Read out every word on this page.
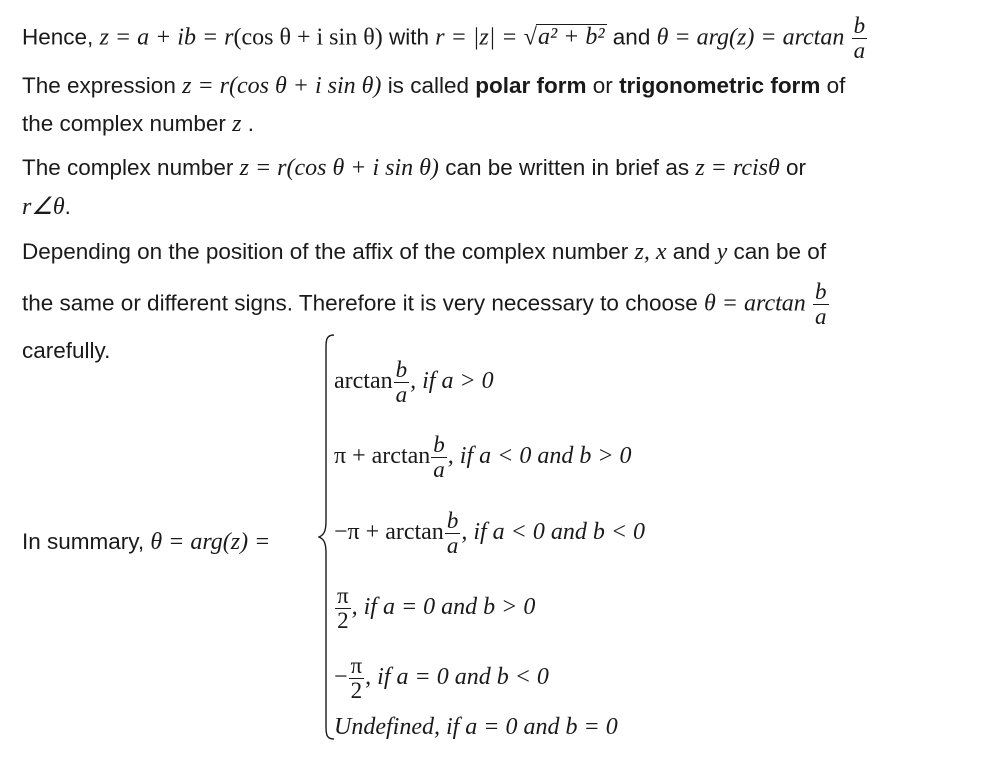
Hence, z = a + ib = r(cos θ + i sin θ) with r = |z| = √a² + b² and $\theta = arg(z) = \arctan \frac{b}{a}$
The expression z = r(cos θ + i sin θ) is called polar form or trigonometric form of
the complex number z .
The complex number z = r(cos θ + i sin θ) can be written in brief as z = rcisθ or
r∠θ.
Depending on the position of the affix of the complex number z, x and y can be of
the same or different signs. Therefore it is very necessary to choose $\theta = \arctan \frac{b}{a}$
carefully.
In summary, θ = arg(z) =
$\arctan \frac{b}{a}$ , if a > 0
$\pi + \arctan \frac{b}{a}$ , if a < 0 and b > 0
$-\pi + \arctan \frac{b}{a}$ , if a < 0 and b < 0
$\frac{\pi}{2}$ , if a = 0 and b > 0
− $\frac{\pi}{2}$ , if a = 0 and b < 0
Undefined, if a = 0 and b = 0
